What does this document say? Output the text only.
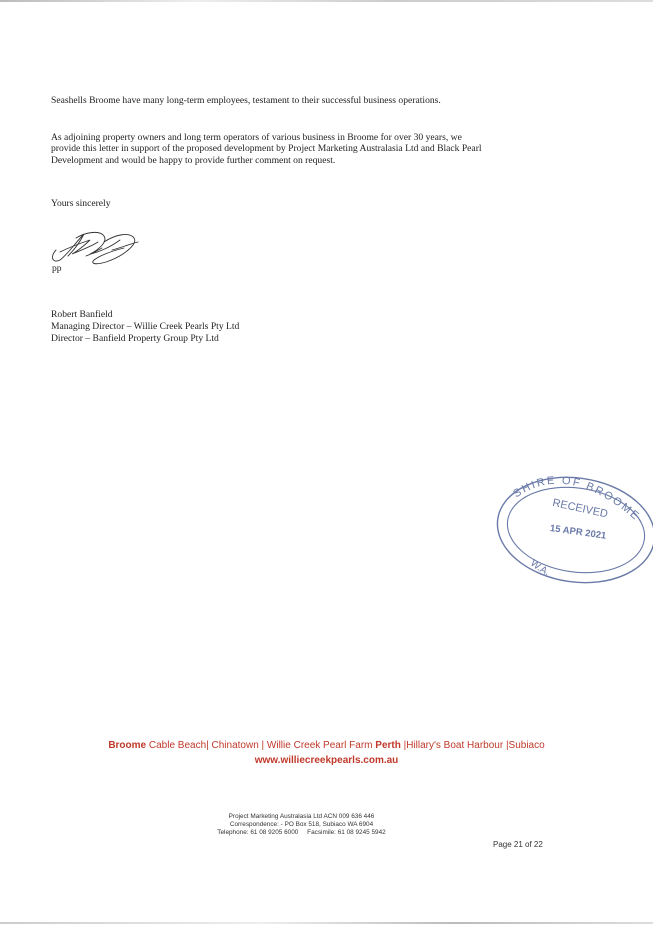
Seashells Broome have many long-term employees, testament to their successful business operations.

As adjoining property owners and long term operators of various business in Broome for over 30 years, we provide this letter in support of the proposed development by Project Marketing Australasia Ltd and Black Pearl Development and would be happy to provide further comment on request.

Yours sincerely

pp
Robert Banfield
Managing Director – Willie Creek Pearls Pty Ltd
Director – Banfield Property Group Pty Ltd
SHIRE OF BROOME
RECEIVED
15 APR 2021
W.A.
Broome Cable Beach| Chinatown | Willie Creek Pearl Farm Perth |Hillary's Boat Harbour |Subiaco
www.williecreekpearls.com.au
Project Marketing Australasia Ltd ACN 009 636 446
Correspondence: - PO Box 518, Subiaco WA 6904
Telephone: 61 08 9205 6000     Facsimile: 61 08 9245 5942
Page 21 of 22
